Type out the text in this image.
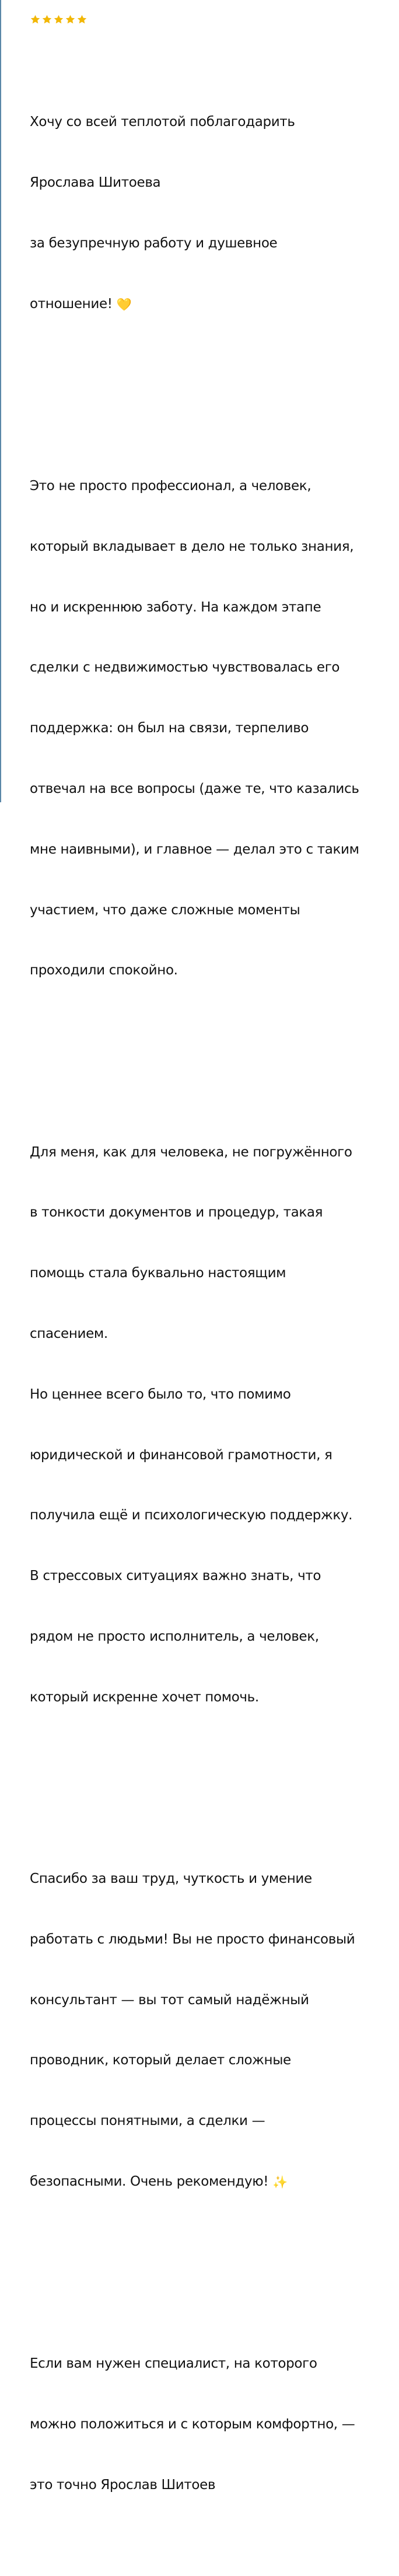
Хочу со всей теплотой поблагодарить

Ярослава Шитоева

за безупречную работу и душевное

отношение! 💛

Это не просто профессионал, а человек,

который вкладывает в дело не только знания,

но и искреннюю заботу. На каждом этапе

сделки с недвижимостью чувствовалась его

поддержка: он был на связи, терпеливо

отвечал на все вопросы (даже те, что казались

мне наивными), и главное — делал это с таким

участием, что даже сложные моменты

проходили спокойно.

Для меня, как для человека, не погружённого

в тонкости документов и процедур, такая

помощь стала буквально настоящим

спасением.

Но ценнее всего было то, что помимо

юридической и финансовой грамотности, я

получила ещё и психологическую поддержку.

В стрессовых ситуациях важно знать, что

рядом не просто исполнитель, а человек,

который искренне хочет помочь.

Спасибо за ваш труд, чуткость и умение

работать с людьми! Вы не просто финансовый

консультант — вы тот самый надёжный

проводник, который делает сложные

процессы понятными, а сделки —

безопасными. Очень рекомендую! ✨

Если вам нужен специалист, на которого

можно положиться и с которым комфортно, —

это точно Ярослав Шитоев
